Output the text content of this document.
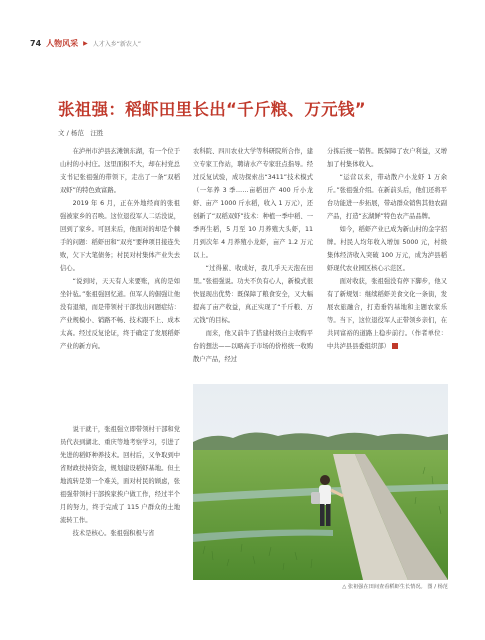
74 人物风采 ▶ 人才入乡“新农人”
张祖强：稻虾田里长出“千斤粮、万元钱”
文 / 杨范　汪胜

在泸州市泸县玄滩镇东湖，有一个位于山村的小村庄。这里面积不大，却在村党总支书记张祖强的带领下，走出了一条“双稻双虾”的特色致富路。

2019 年 6 月，正在外地经商的张祖强被家乡的召唤。这位退役军人二话没说，回到了家乡。可回来后，他面对的却是个棘手的问题：稻虾田和“双亮”要种项目接连失败，欠下大笔债务；村民对村集体产业失去信心。

“说到时，天天有人来要账，真的是如坐针毡。”张祖强回忆道。但军人的倔强让他没有退缩，而是带领村干部找出问题症结：产业规模小、销路不畅、技术跟不上、成本太高。经过反复论证，终于确定了发展稻虾产业的新方向。

说干就干，张祖强立即带领村干部和党员代表到湖北、重庆等地考察学习，引进了先进的稻虾种养技术。回村后，又争取到中省财政扶持资金，规划建设稻虾基地。但土地流转是第一个难关，面对村民的顾虑，张祖强带领村干部挨家挨户做工作，经过半个月的努力，终于完成了 115 户群众的土地流转工作。

技术是核心。张祖强积极与省

农科院、四川农业大学等科研院所合作，建立专家工作站，聘请水产专家驻点指导。经过反复试验，成功探索出“3411”技术模式（一年养 3 季……亩稻田产 400 斤小龙虾、亩产 1000 斤水稻，收入 1 万元），还创新了“双稻双虾”技术：种植一季中稻、一季再生稻，5 月至 10 月养殖大头虾，11 月到次年 4 月养殖小龙虾，亩产 1.2 万元以上。

“过得累、收成好，我几乎天天泡在田里。”张祖强说。功夫不负有心人，新模式很快显现出优势：既保障了粮食安全，又大幅提高了亩产收益，真正实现了“千斤粮、万元钱”的目标。

而来，他又前牛了搭建村级自主收购平台的想法——以略高于市场的价格统一收购散户产品，经过

分拣后统一销售。既保障了农户利益，又增加了村集体收入。

“运营以来，带动散户小龙虾 1 万余斤。”张祖强介绍。在新前头后，他们还将平台功能进一步拓展，带动群众销售其他农副产品，打造“玄湖鲜”特色农产品品牌。

如今，稻虾产业已成为新山村的金字招牌。村民人均年收入增加 5000 元，村级集体经济收入突破 100 万元，成为泸县稻虾现代农业园区核心示范区。

面对收获，张祖强没有停下脚步，他又有了新规划：继续稻虾美食文化一条街，发展农旅融合，打造垂钓基地和主题农家乐等。当下，这位退役军人正带领乡亲们，在共同富裕的道路上稳步前行。（作者单位：中共泸县县委组织部）

△ 张祖强在田间查看稻虾生长情况。 图 / 杨范
